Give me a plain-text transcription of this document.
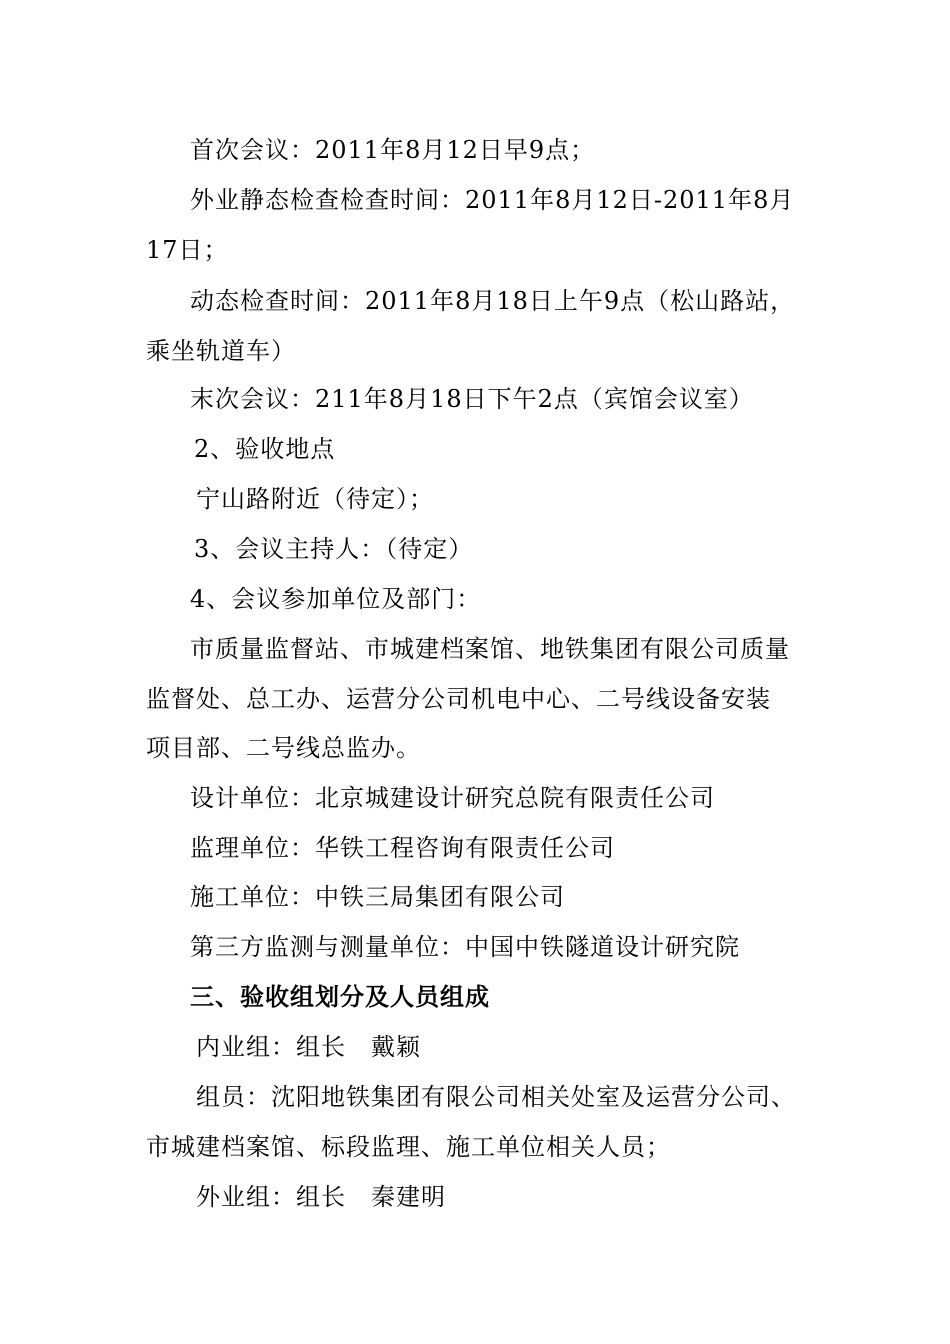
首次会议：2011年8月12日早9点；
外业静态检查检查时间：2011年8月12日-2011年8月
17日；
动态检查时间：2011年8月18日上午9点（松山路站，
乘坐轨道车）
末次会议：211年8月18日下午2点（宾馆会议室）
2、验收地点
宁山路附近（待定）；
3、会议主持人：（待定）
4、会议参加单位及部门：
市质量监督站、市城建档案馆、地铁集团有限公司质量
监督处、总工办、运营分公司机电中心、二号线设备安装
项目部、二号线总监办。
设计单位：北京城建设计研究总院有限责任公司
监理单位：华铁工程咨询有限责任公司
施工单位：中铁三局集团有限公司
第三方监测与测量单位：中国中铁隧道设计研究院
三、验收组划分及人员组成
内业组：组长　戴颖
组员：沈阳地铁集团有限公司相关处室及运营分公司、
市城建档案馆、标段监理、施工单位相关人员；
外业组：组长　秦建明
